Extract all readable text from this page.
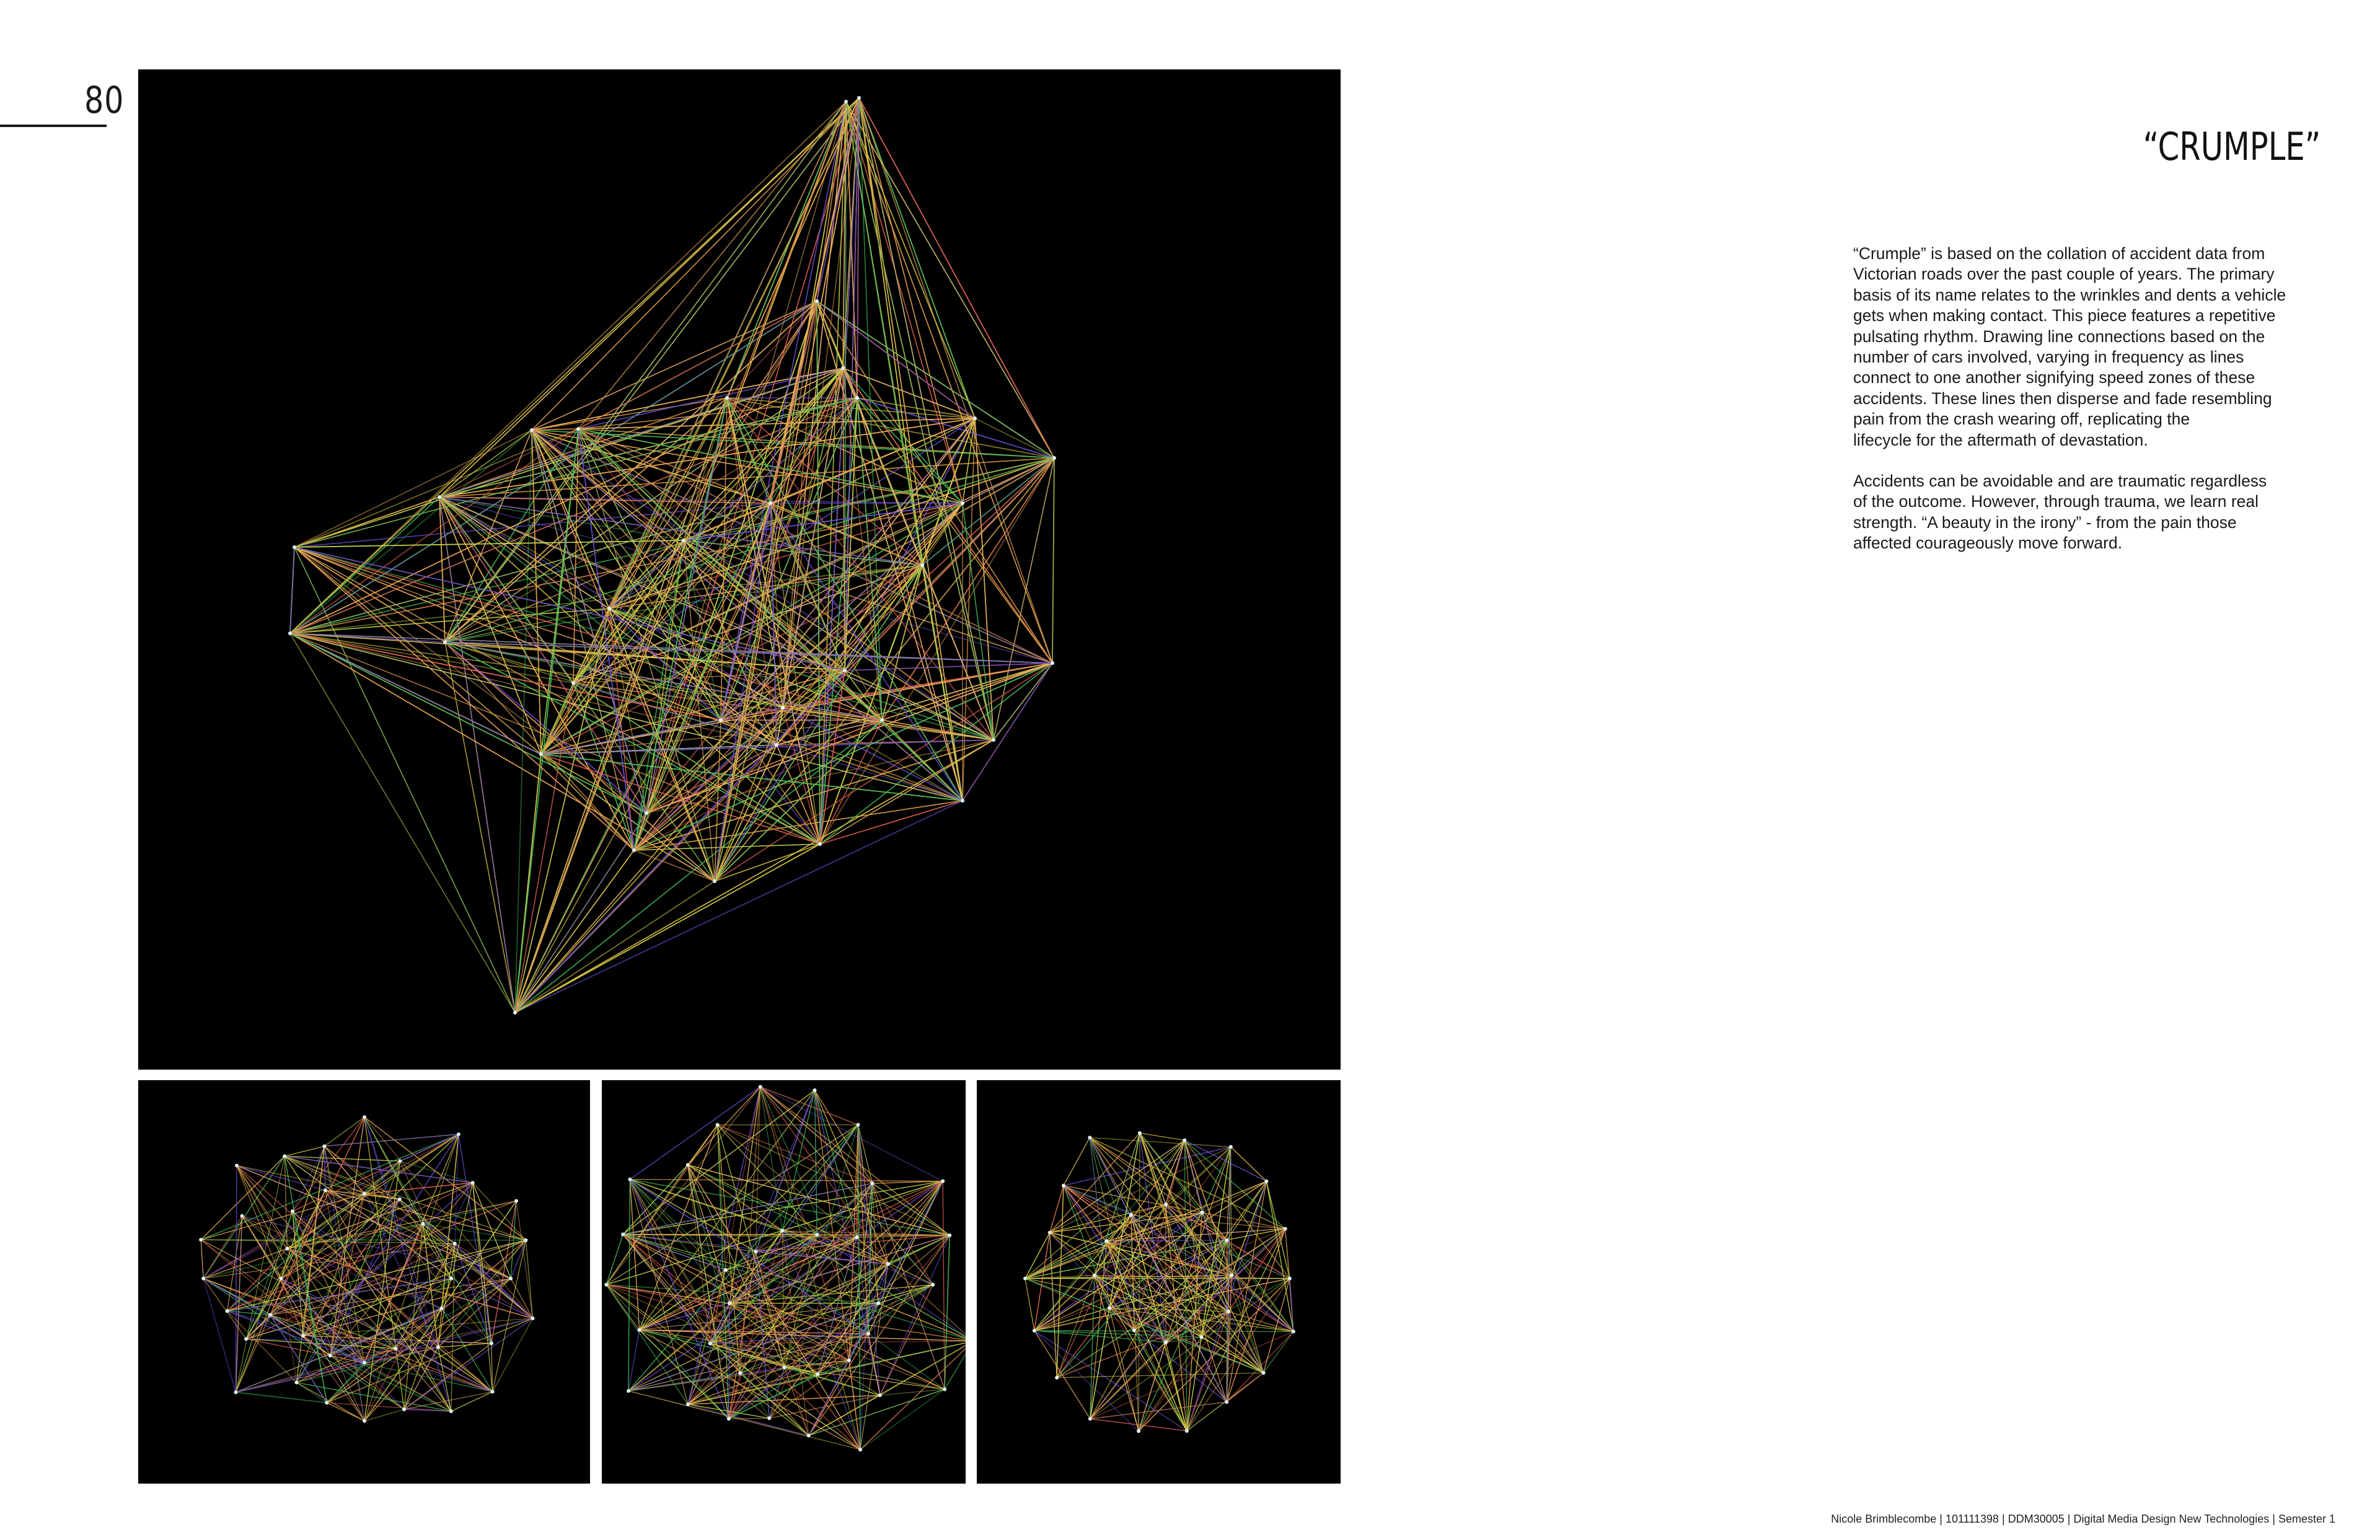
80
“CRUMPLE”

“Crumple” is based on the collation of accident data from
Victorian roads over the past couple of years. The primary
basis of its name relates to the wrinkles and dents a vehicle
gets when making contact. This piece features a repetitive
pulsating rhythm. Drawing line connections based on the
number of cars involved, varying in frequency as lines
connect to one another signifying speed zones of these
accidents. These lines then disperse and fade resembling
pain from the crash wearing off, replicating the
lifecycle for the aftermath of devastation.

Accidents can be avoidable and are traumatic regardless
of the outcome. However, through trauma, we learn real
strength. “A beauty in the irony” - from the pain those
affected courageously move forward.

Nicole Brimblecombe | 101111398 | DDM30005 | Digital Media Design New Technologies | Semester 1
